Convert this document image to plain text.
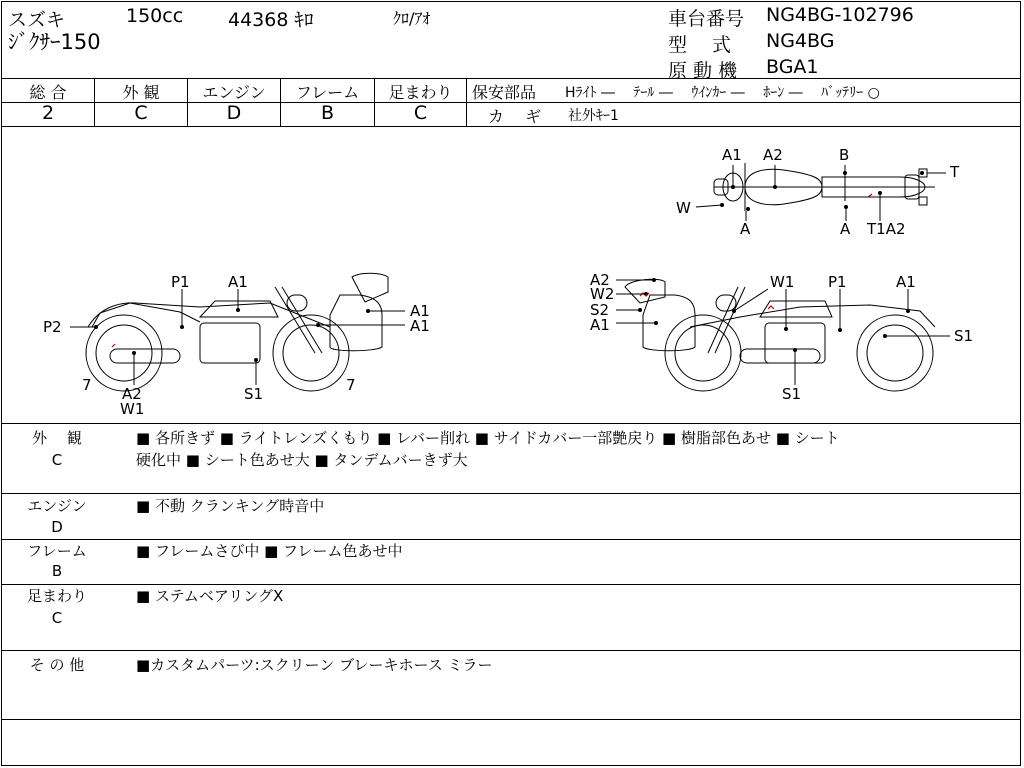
スズキ	150cc 44368 ｷﾛ	ｸﾛ/ｱｵ
ｼﾞｸｻｰ150
車台番号 NG4BG-102796
型　 式 NG4BG
原 動 機 BGA1
総 合	外 観	エンジン	フレーム	足まわり
2	C	D	B	C
保安部品 Hﾗｲﾄ ―　 ﾃｰﾙ ―　 ｳｲﾝｶｰ ―　 ﾎｰﾝ ―　 ﾊﾞｯﾃﾘｰ ○
カ　 ギ 社外ｷｰ1
A1 A2	B
T
W
A	A T1A2
P1	A1
P2
A1
A1
7 A2
W1
S1	7
A2
W2
S2
A1
W1 P1	A1
S1
S1
外　 観
C
■ 各所きず ■ ライトレンズくもり ■ レバー削れ ■ サイドカバー一部艶戻り ■ 樹脂部色あせ ■ シート
硬化中 ■ シート色あせ大 ■ タンデムバーきず大
エンジン
D
■ 不動 クランキング時音中
フレーム
B
■ フレームさび中 ■ フレーム色あせ中
足まわり
C
■ ステムベアリングX
そ の 他	■カスタムパーツ:スクリーン ブレーキホース ミラー
